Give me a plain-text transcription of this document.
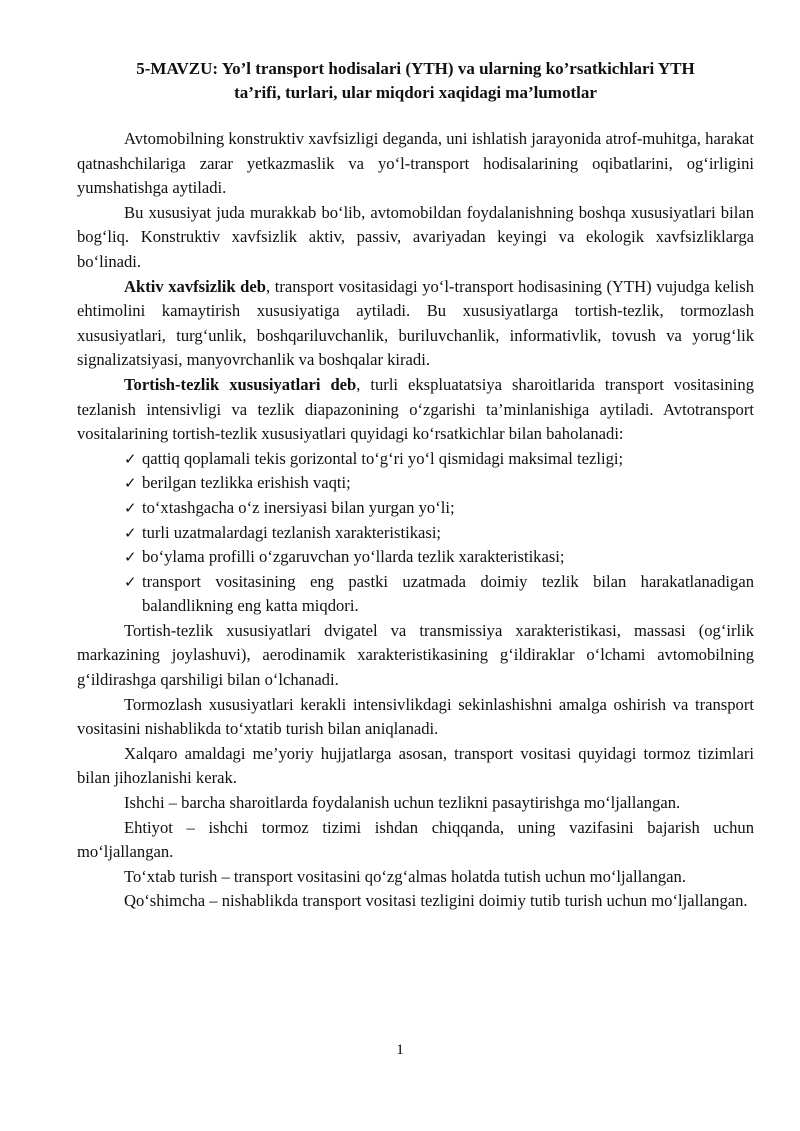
5-MAVZU: Yo’l transport hodisalari (YTH) va ularning ko’rsatkichlari YTH
ta’rifi, turlari, ular miqdori xaqidagi ma’lumotlar

Avtomobilning konstruktiv xavfsizligi deganda, uni ishlatish jarayonida atrof-muhitga, harakat qatnashchilariga zarar yetkazmaslik va yo‘l-transport hodisalarining oqibatlarini, og‘irligini yumshatishga aytiladi.

Bu xususiyat juda murakkab bo‘lib, avtomobildan foydalanishning boshqa xususiyatlari bilan bog‘liq. Konstruktiv xavfsizlik aktiv, passiv, avariyadan keyingi va ekologik xavfsizliklarga bo‘linadi.

Aktiv xavfsizlik deb, transport vositasidagi yo‘l-transport hodisasining (YTH) vujudga kelish ehtimolini kamaytirish xususiyatiga aytiladi. Bu xususiyatlarga tortish-tezlik, tormozlash xususiyatlari, turg‘unlik, boshqariluvchanlik, buriluvchanlik, informativlik, tovush va yorug‘lik signalizatsiyasi, manyovrchanlik va boshqalar kiradi.

Tortish-tezlik xususiyatlari deb, turli ekspluatatsiya sharoitlarida transport vositasining tezlanish intensivligi va tezlik diapazonining o‘zgarishi ta’minlanishiga aytiladi. Avtotransport vositalarining tortish-tezlik xususiyatlari quyidagi ko‘rsatkichlar bilan baholanadi:

✓ qattiq qoplamali tekis gorizontal to‘g‘ri yo‘l qismidagi maksimal tezligi;
✓ berilgan tezlikka erishish vaqti;
✓ to‘xtashgacha o‘z inersiyasi bilan yurgan yo‘li;
✓ turli uzatmalardagi tezlanish xarakteristikasi;
✓ bo‘ylama profilli o‘zgaruvchan yo‘llarda tezlik xarakteristikasi;
✓ transport vositasining eng pastki uzatmada doimiy tezlik bilan harakatlanadigan balandlikning eng katta miqdori.

Tortish-tezlik xususiyatlari dvigatel va transmissiya xarakteristikasi, massasi (og‘irlik markazining joylashuvi), aerodinamik xarakteristikasining g‘ildiraklar o‘lchami avtomobilning g‘ildirashga qarshiligi bilan o‘lchanadi.

Tormozlash xususiyatlari kerakli intensivlikdagi sekinlashishni amalga oshirish va transport vositasini nishablikda to‘xtatib turish bilan aniqlanadi.

Xalqaro amaldagi me’yoriy hujjatlarga asosan, transport vositasi quyidagi tormoz tizimlari bilan jihozlanishi kerak.

Ishchi – barcha sharoitlarda foydalanish uchun tezlikni pasaytirishga mo‘ljallangan.

Ehtiyot – ishchi tormoz tizimi ishdan chiqqanda, uning vazifasini bajarish uchun mo‘ljallangan.

To‘xtab turish – transport vositasini qo‘zg‘almas holatda tutish uchun mo‘ljallangan.

Qo‘shimcha – nishablikda transport vositasi tezligini doimiy tutib turish uchun mo‘ljallangan.

1
